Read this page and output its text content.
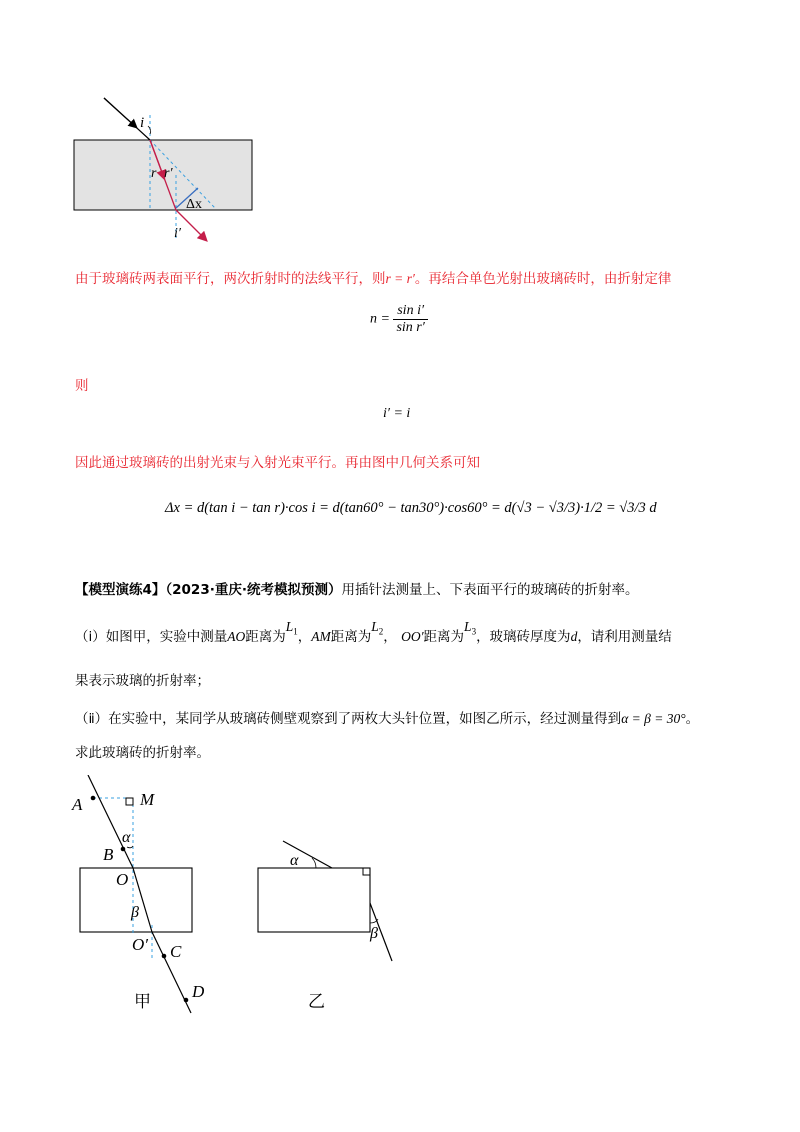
i
r r′
Δx
i′
由于玻璃砖两表面平行，两次折射时的法线平行，则r = r′。再结合单色光射出玻璃砖时，由折射定律
$n = \frac{\text{sin i′}}{\text{sin r′}}$
则
i′ = i
因此通过玻璃砖的出射光束与入射光束平行。再由图中几何关系可知
Δx = d(tan i − tan r)·cos i = d(tan60° − tan30°)·cos60° = d(√3 − √3/3)·1/2 = √3/3 d
【模型演练4】（2023·重庆·统考模拟预测）用插针法测量上、下表面平行的玻璃砖的折射率。
（ⅰ）如图甲，实验中测量AO距离为$L_1$，AM距离为$L_2$， OO′距离为$L_3$，玻璃砖厚度为d，请利用测量结
果表示玻璃的折射率；
（ⅱ）在实验中，某同学从玻璃砖侧壁观察到了两枚大头针位置，如图乙所示，经过测量得到α = β = 30°。
求此玻璃砖的折射率。
A	M
α
B
O
β
O′ C
D
甲
α
β
乙
